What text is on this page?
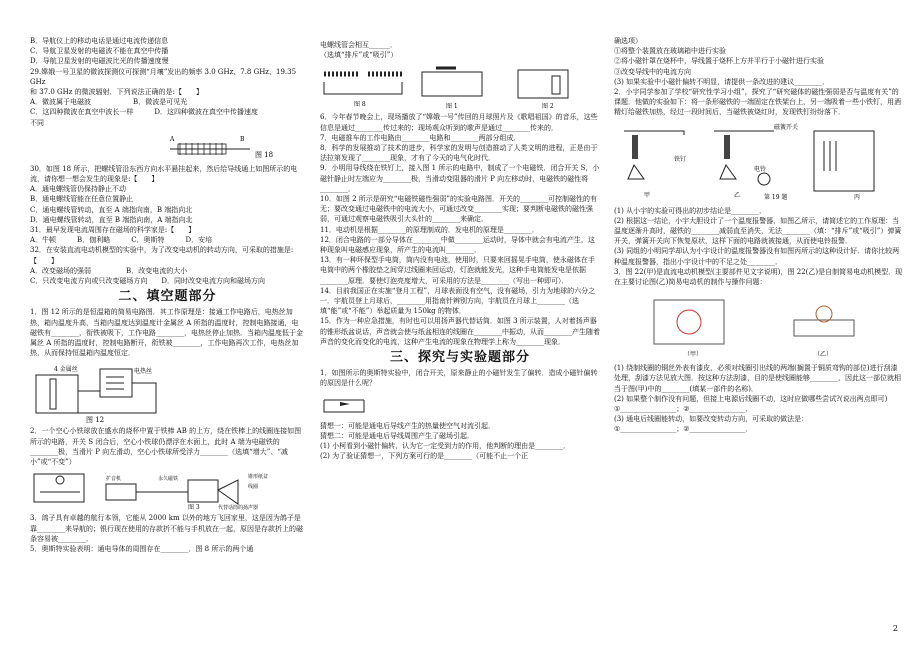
B．导航仪上的移动电话是通过电流传递信息

C．导航卫星发射的电磁波不能在真空中传播

D．导航卫星发射的电磁波比光的传播速度慢

29.嫦娥一号卫星的微波探测仪可探测“月壤”发出的频率 3.0 GHz、7.8 GHz、19.35 GHz

和 37.0 GHz 的微波辐射．下列说法正确的是:【　　】

A．微波属于电磁波　　　　　　B．微波是可见光

C．这四种微波在真空中波长一样　　　D．这四种微波在真空中传播速度

不同

A	B
图 18

30．如图 18 所示，把螺线管沿东西方向水平悬挂起来，然后给导线通上如图所示的电流，请你想一想会发生的现象是:【　　】

A．通电螺线管仍保持静止不动

B．通电螺线管能在任意位置静止

C．通电螺线管转动，直至 A 端指向南，B 端指向北

D．通电螺线管转动，直至 B 端指向南，A 端指向北

31．最早发现电流周围存在磁场的科学家是:【　　】

A．牛顿　　　B．伽利略　　　C．奥斯特　　　D．安培

32．在安装直流电动机模型的实验中，为了改变电动机的转动方向，可采取的措施是:【　　】

A．改变磁场的强弱　　　　　B．改变电流的大小

C．只改变电流方向或只改变磁场方向　　D．同时改变电流方向和磁场方向

二、填空题部分

1．图 12 所示的是恒温箱的简易电路图．其工作原理是：接通工作电路后，电热丝加热，箱内温度升高，当箱内温度达到温度计金属丝 A 所指的温度时，控制电路接通，电磁铁有________，衔铁被吸下，工作电路________，电热丝停止加热．当箱内温度低于金属丝 A 所指的温度时，控制电路断开，衔铁被________，工作电路再次工作，电热丝加热，从而保持恒温箱内温度恒定．

4 金属丝	电热丝
图 12

2．一个空心小铁球放在盛水的烧杯中置于铁棒 AB 的上方，绕在铁棒上的线圈连接如图所示的电路，开关 S 闭合后，空心小铁球仍漂浮在水面上，此时 A 端为电磁铁的________极，当滑片 P 向左滑动，空心小铁球所受浮力________（选填“增大”、“减小”或“不变”）

扩音机	永久磁铁	锥形纸盆
线圈
代替话筒的扬声器
图 3

3．鸽子具有卓越的航行本领，它能从 2000 km 以外的地方飞回家里，这是因为鸽子是靠________来导航的；银行现在使用的存款折不能与手机放在一起，原因是存款折上的磁条容易被________．

5．奥斯特实验表明：通电导体的周围存在________．图 8 所示的两个通

电螺线管会相互______．

（选填“排斥”或“吸引”）

图 8	图 1	图 2

6．今年春节晚会上，现场播放了“嫦娥一号”传回的月球照片及《歌唱祖国》的音乐，这些信息是通过________传过来的；现场观众听到的歌声是通过________传来的．

7．电磁推车的工作电路由________电路和________两部分组成．

8．科学的发展推动了技术的进步，科学家的发明与创造推动了人类文明的进程，正是由于法拉第发现了________现象，才有了今天的电气化时代．

9．小明用导线绕在铁钉上，接入图 1 所示的电路中，制成了一个电磁铁．闭合开关 S，小磁针静止时左端应为________极，当滑动变阻器的滑片 P 向左移动时，电磁铁的磁性将________．

10．如图 2 所示是研究“电磁铁磁性强弱”的实验电路图．开关的________可控制磁性的有无；要改变通过电磁铁中的电流大小，可通过改变________实现；要判断电磁铁的磁性强弱，可通过观察电磁铁吸引大头针的________来确定．

11．电动机是根据________的原理制成的．发电机的原理是________．

12．闭合电路的一部分导体在________中做________运动时，导体中就会有电流产生，这种现象叫电磁感应现象，所产生的电流叫________．

13．有一种环保型手电筒，筒内没有电池，使用时，只要来回摇晃手电筒，使永磁体在手电筒中的两个橡胶垫之间穿过线圈来回运动，灯泡就能发光，这种手电筒能发电是依据________原理．要使灯泡亮度增大，可采用的方法是________（写出一种即可）．

14．目前我国正在实施“登月工程”，月球表面没有空气，没有磁场，引力为地球的六分之一．宇航员登上月球后，________用指南针辨别方向，宇航员在月球上________（选填“能”或“不能”）举起质量为 150kg 的物体．

15．作为一种应急措施，有时也可以用扬声器代替话筒．如图 3 所示装置，人对着扬声器的锥形纸盆说话，声音就会使与纸盆相连的线圈在________中振动，从而________产生随着声音的变化而变化的电流，这种产生电流的现象在物理学上称为________现象．

三、探究与实验题部分

1．如图所示的奥斯特实验中，闭合开关，原来静止的小磁针发生了偏转．造成小磁针偏转的原因是什么呢？

猜想一：可能是通电后导线产生的热量使空气对流引起．

猜想二：可能是通电后导线周围产生了磁场引起．

(1) 小柯看到小磁针偏转，认为它一定受到力的作用，他判断的理由是________．

(2) 为了验证猜想一，下列方案可行的是________（可能不止一个正

确选项）

①将整个装置放在玻璃箱中进行实验

②将小磁针罩在烧杯中，导线置于烧杯上方并平行于小磁针进行实验

③改变导线中的电流方向

(3) 如果实验中小磁针偏转不明显，请提供一条改进的建议________．

2．小宇同学参加了学校“研究性学习小组”，探究了“研究磁体的磁性强弱是否与温度有关”的课题．他做的实验如下：将一条形磁铁的一端固定在铁架台上，另一端吸着一些小铁钉，用酒精灯给磁铁加热，经过一段时间后，当磁铁被烧红时，发现铁钉纷纷落下．

甲
铁钉
乙
电铃
磁簧开关
丙
第 19 题

(1) 从小宇的实验可得出的初步结论是________．

(2) 根据这一结论，小宇大胆设计了一个温度报警器，如图乙所示，请简述它的工作原理：当温度逐渐升高时，磁铁的________减弱直至消失，无法________（填：“排斥”或“吸引”）弹簧开关，弹簧开关向下恢复原状，这样下面的电路就被接通，从而使电铃报警．

(3) 同组的小明同学却认为小宇设计的温度报警器没有如图丙所示的这种设计好．请你比较两种温度报警器，指出小宇设计中的不足之处________．

3．图 22(甲)是直流电动机模型(主要部件见文字说明)，图 22(乙)是自制简易电动机模型．现在主要讨论图(乙)简易电动机的制作与操作问题：

（甲）	（乙）

(1) 绕制线圈的铜丝外表有漆皮，必须对线圈引出线的两端(搁置于铜质弯钩的部位)进行刮漆处理，刮漆方法见放大图．按这种方法刮漆，目的是使线圈能够________，因此这一部位就相当于图(甲)中的________(填某一部件的名称)．

(2) 如果整个制作没有问题，但接上电源后线圈不动，这时应做哪些尝试?(说出两点即可)

①________________；②________________．

(3) 通电后线圈能转动，如要改变转动方向，可采取的做法是：

①________________；②________________．

2
